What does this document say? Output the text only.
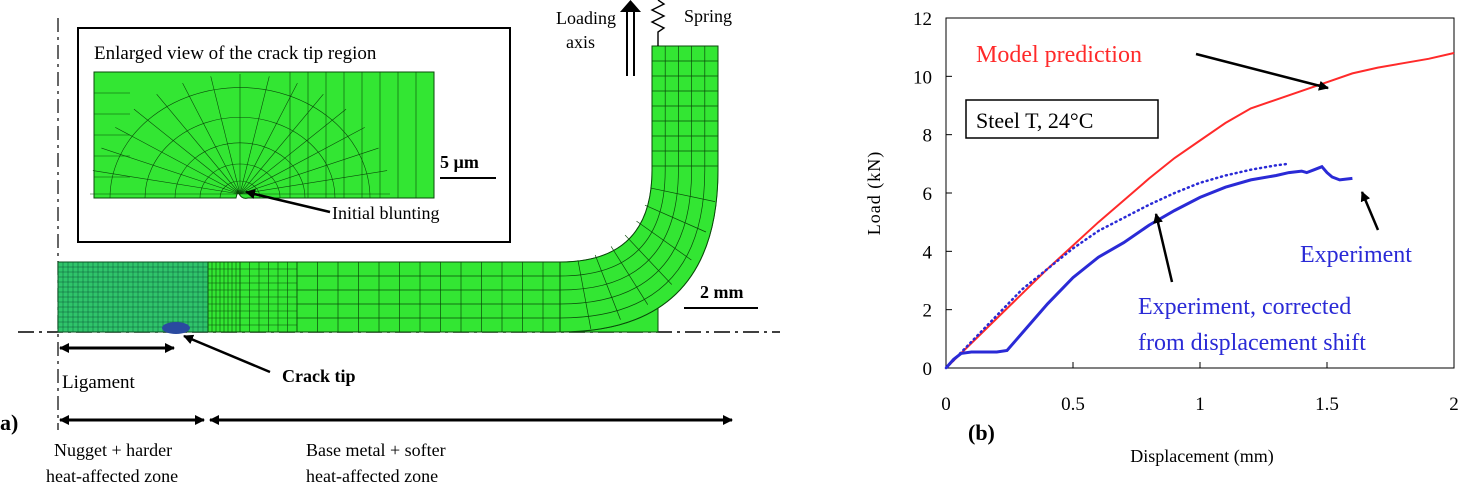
Enlarged view of the crack tip region
5 µm
Initial blunting
Loading
axis
Spring
2 mm
Ligament	Crack tip
a)
Nugget + harder
heat-affected zone
Base metal + softer
heat-affected zone
0	0.5	1	1.5	2
0
2
4
6
8
10
12
Load (kN)
Displacement (mm)
(b)
Steel T, 24°C
Model prediction
Experiment
Experiment, corrected
from displacement shift
